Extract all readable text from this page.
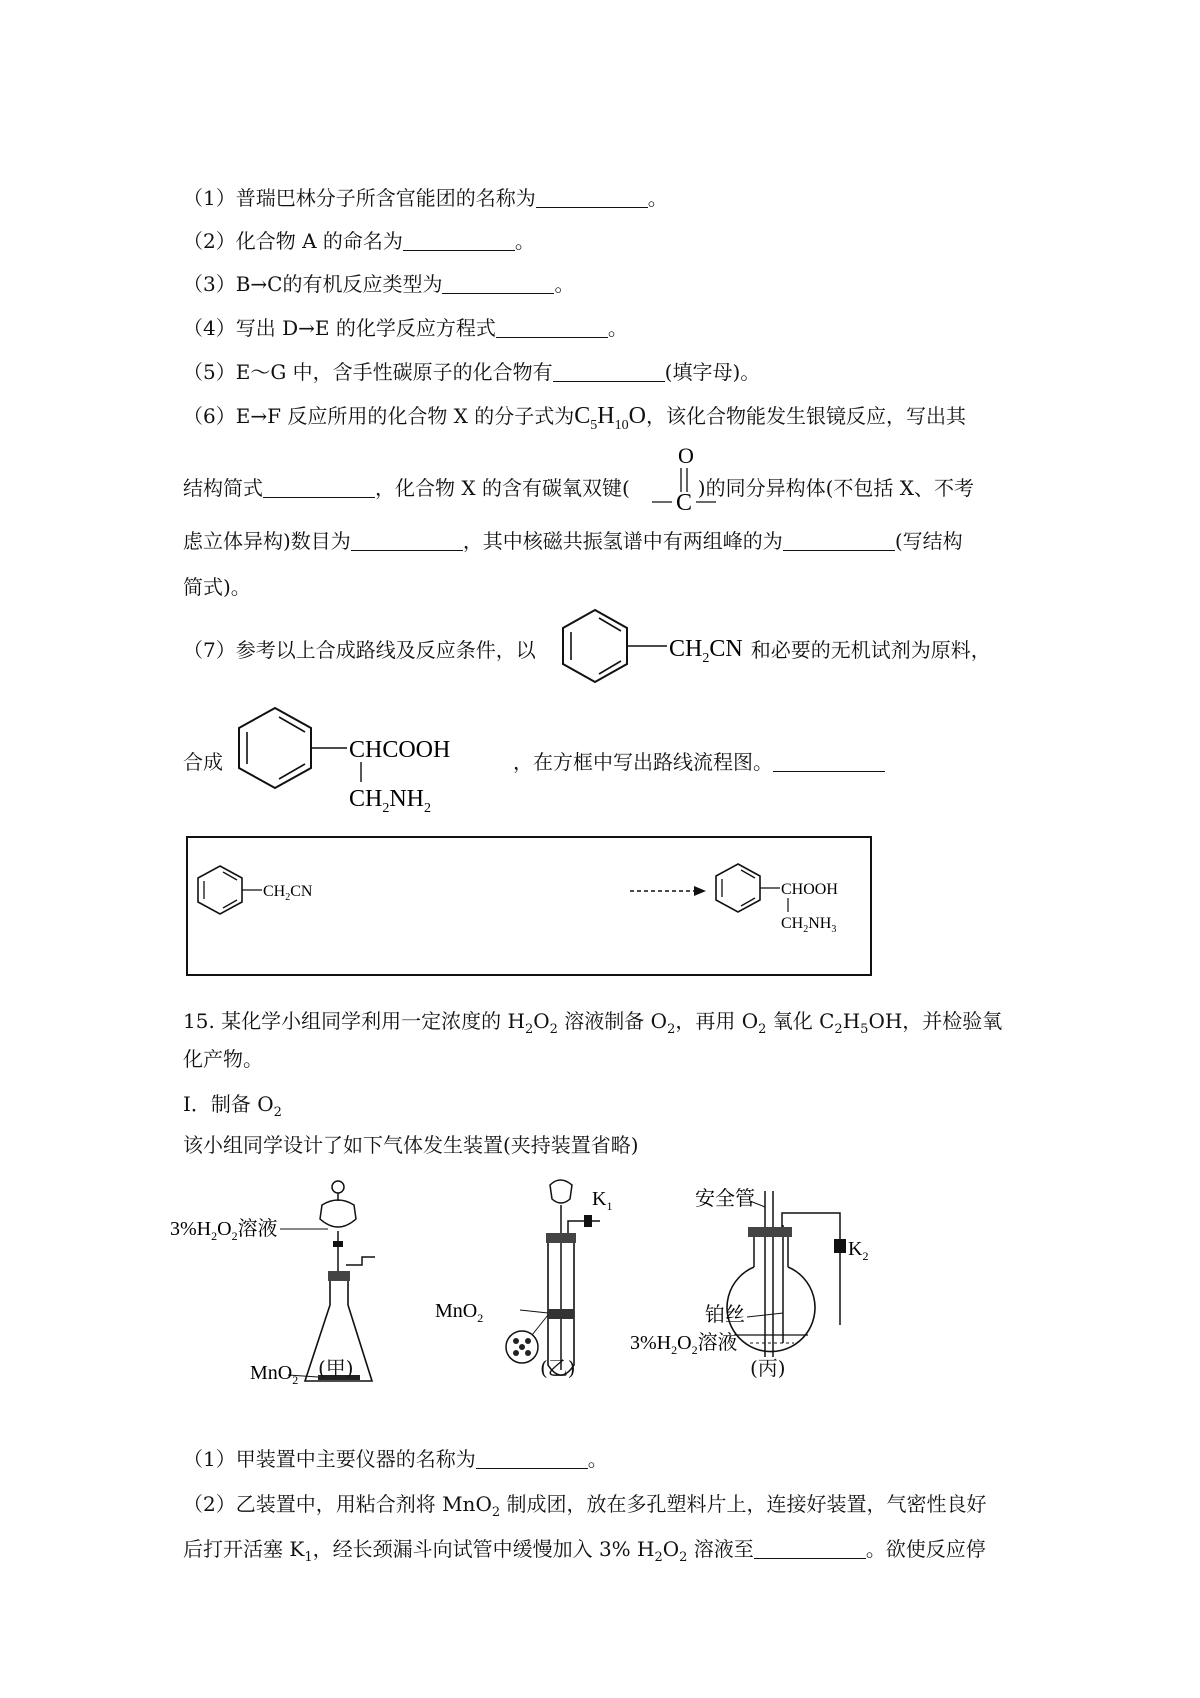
（1）普瑞巴林分子所含官能团的名称为	。
（2）化合物 A 的命名为	。
（3）B→C的有机反应类型为	。
（4）写出 D→E 的化学反应方程式	。
（5）E～G 中，含手性碳原子的化合物有	(填字母)。
（6）E→F 反应所用的化合物 X 的分子式为$C_5H_{10}O$，该化合物能发生银镜反应，写出其
结构简式	，化合物 X 的含有碳氧双键(	)的同分异构体(不包括 X、不考
O
C
虑立体异构)数目为	，其中核磁共振氢谱中有两组峰的为	(写结构
简式)。
（7）参考以上合成路线及反应条件，以	和必要的无机试剂为原料，
$CH_2CN$
合成	，在方框中写出路线流程图。
CHCOOH
$CH_2NH_2$
$CH_2CN$	CHOOH
$CH_2NH_3$
15. 某化学小组同学利用一定浓度的 $H_2O_2$ 溶液制备 $O_2$，再用 $O_2$ 氧化 $C_2H_5OH$，并检验氧
化产物。
Ⅰ．制备 $O_2$
该小组同学设计了如下气体发生装置(夹持装置省略)
$3\%H_2O_2$溶液
MnO$_2$
$K_1$
MnO$_2$
$K_2$
安全管
铂丝
$3\%H_2O_2$溶液
(甲)	(乙)	(丙)
（1）甲装置中主要仪器的名称为	。
（2）乙装置中，用粘合剂将 MnO$_2$ 制成团，放在多孔塑料片上，连接好装置，气密性良好
后打开活塞 $K_1$，经长颈漏斗向试管中缓慢加入 3% $H_2O_2$ 溶液至	。欲使反应停
